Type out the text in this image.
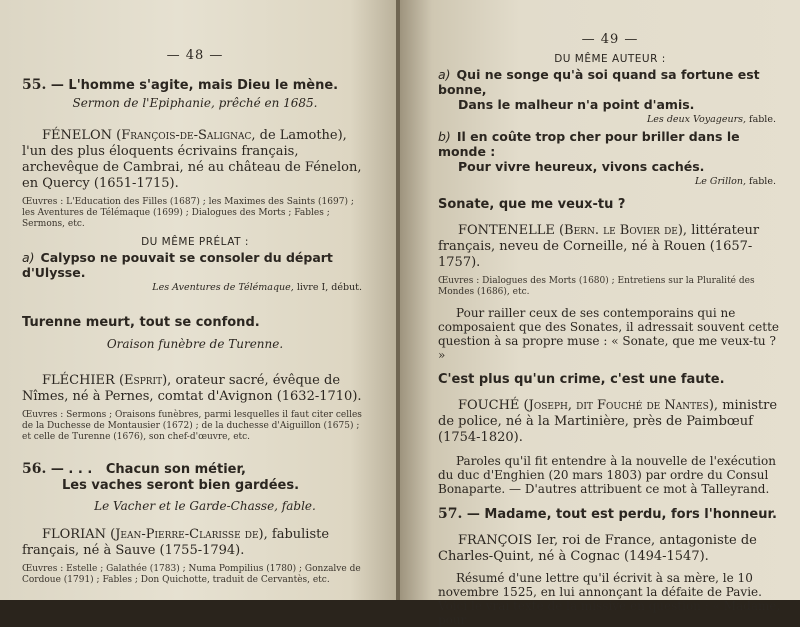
— 48 —
55. — L'homme s'agite, mais Dieu le mène.

Sermon de l'Epiphanie, prêché en 1685.

FÉNELON (François-de-Salignac, de Lamothe), l'un des plus éloquents écrivains français, archevêque de Cambrai, né au château de Fénelon, en Quercy (1651-1715).

Œuvres : L'Education des Filles (1687) ; les Maximes des Saints (1697) ; les Aventures de Télémaque (1699) ; Dialogues des Morts ; Fables ; Sermons, etc.

DU MÊME PRÉLAT :
a) Calypso ne pouvait se consoler du départ d'Ulysse.

Les Aventures de Télémaque, livre I, début.

Turenne meurt, tout se confond.

Oraison funèbre de Turenne.

FLÉCHIER (Esprit), orateur sacré, évêque de Nîmes, né à Pernes, comtat d'Avignon (1632-1710).

Œuvres : Sermons ; Oraisons funèbres, parmi lesquelles il faut citer celles de la Duchesse de Montausier (1672) ; de la duchesse d'Aiguillon (1675) ; et celle de Turenne (1676), son chef-d'œuvre, etc.

56. — . . . Chacun son métier,
Les vaches seront bien gardées.

Le Vacher et le Garde-Chasse, fable.

FLORIAN (Jean-Pierre-Clarisse de), fabuliste français, né à Sauve (1755-1794).

Œuvres : Estelle ; Galathée (1783) ; Numa Pompilius (1780) ; Gonzalve de Cordoue (1791) ; Fables ; Don Quichotte, traduit de Cervantès, etc.

— 49 —
DU MÊME AUTEUR :
a) Qui ne songe qu'à soi quand sa fortune est bonne,
Dans le malheur n'a point d'amis.

Les deux Voyageurs, fable.

b) Il en coûte trop cher pour briller dans le monde :
Pour vivre heureux, vivons cachés.

Le Grillon, fable.

Sonate, que me veux-tu ?

FONTENELLE (Bern. le Bovier de), littérateur français, neveu de Corneille, né à Rouen (1657-1757).

Œuvres : Dialogues des Morts (1680) ; Entretiens sur la Pluralité des Mondes (1686), etc.

Pour railler ceux de ses contemporains qui ne composaient que des Sonates, il adressait souvent cette question à sa propre muse : « Sonate, que me veux-tu ? »

C'est plus qu'un crime, c'est une faute.

FOUCHÉ (Joseph, dit Fouché de Nantes), ministre de police, né à la Martinière, près de Paimbœuf (1754-1820).

Paroles qu'il fit entendre à la nouvelle de l'exécution du duc d'Enghien (20 mars 1803) par ordre du Consul Bonaparte. — D'autres attribuent ce mot à Talleyrand.

57. — Madame, tout est perdu, fors l'honneur.

FRANÇOIS Ier, roi de France, antagoniste de Charles-Quint, né à Cognac (1494-1547).

Résumé d'une lettre qu'il écrivit à sa mère, le 10 novembre 1525, en lui annonçant la défaite de Pavie. Voici le vrai texte de la missive en question : « Madame, pour
